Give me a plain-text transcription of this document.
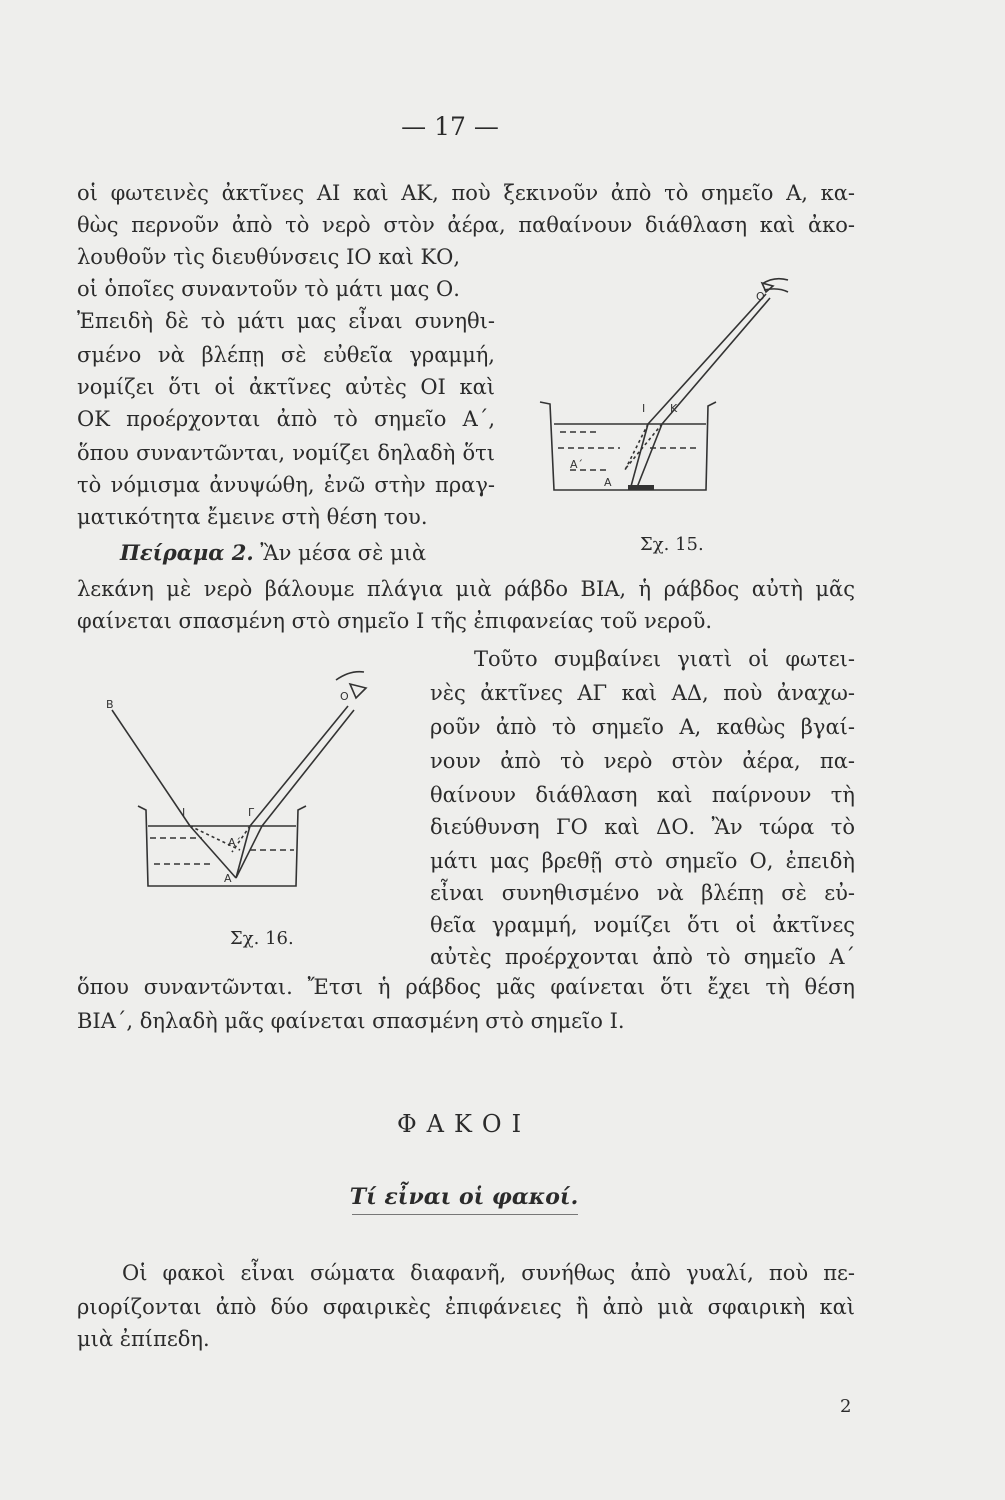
— 17 —
οἱ φωτεινὲς ἀκτῖνες ΑΙ καὶ ΑΚ, ποὺ ξεκινοῦν ἀπὸ τὸ σημεῖο Α, κα-
θὼς περνοῦν ἀπὸ τὸ νερὸ στὸν ἀέρα, παθαίνουν διάθλαση καὶ ἀκο-
λουθοῦν τὶς διευθύνσεις ΙΟ καὶ ΚΟ,
οἱ ὁποῖες συναντοῦν τὸ μάτι μας Ο.
Ἐπειδὴ δὲ τὸ μάτι μας εἶναι συνηθι-
σμένο νὰ βλέπῃ σὲ εὐθεῖα γραμμή,
νομίζει ὅτι οἱ ἀκτῖνες αὐτὲς ΟΙ καὶ
ΟΚ προέρχονται ἀπὸ τὸ σημεῖο Α΄,
ὅπου συναντῶνται, νομίζει δηλαδὴ ὅτι
τὸ νόμισμα ἀνυψώθη, ἐνῶ στὴν πραγ-
ματικότητα ἔμεινε στὴ θέση του.
O
K
I
A΄
A
Σχ. 15.
Πείραμα 2. Ἂν μέσα σὲ μιὰ
λεκάνη μὲ νερὸ βάλουμε πλάγια μιὰ ράβδο ΒΙΑ, ἡ ράβδος αὐτὴ μᾶς
φαίνεται σπασμένη στὸ σημεῖο Ι τῆς ἐπιφανείας τοῦ νεροῦ.
Τοῦτο συμβαίνει γιατὶ οἱ φωτει-
νὲς ἀκτῖνες ΑΓ καὶ ΑΔ, ποὺ ἀναχω-
ροῦν ἀπὸ τὸ σημεῖο Α, καθὼς βγαί-
νουν ἀπὸ τὸ νερὸ στὸν ἀέρα, πα-
θαίνουν διάθλαση καὶ παίρνουν τὴ
διεύθυνση ΓΟ καὶ ΔΟ. Ἂν τώρα τὸ
μάτι μας βρεθῇ στὸ σημεῖο Ο, ἐπειδὴ
εἶναι συνηθισμένο νὰ βλέπῃ σὲ εὐ-
θεῖα γραμμή, νομίζει ὅτι οἱ ἀκτῖνες
αὐτὲς προέρχονται ἀπὸ τὸ σημεῖο Α΄
O
B
I	Γ
A΄
A
Σχ. 16.
ὅπου συναντῶνται. Ἔτσι ἡ ράβδος μᾶς φαίνεται ὅτι ἔχει τὴ θέση
ΒΙΑ΄, δηλαδὴ μᾶς φαίνεται σπασμένη στὸ σημεῖο Ι.
ΦΑΚΟΙ
Τί εἶναι οἱ φακοί.
Οἱ φακοὶ εἶναι σώματα διαφανῆ, συνήθως ἀπὸ γυαλί, ποὺ πε-
ριορίζονται ἀπὸ δύο σφαιρικὲς ἐπιφάνειες ἢ ἀπὸ μιὰ σφαιρικὴ καὶ
μιὰ ἐπίπεδη.
2
